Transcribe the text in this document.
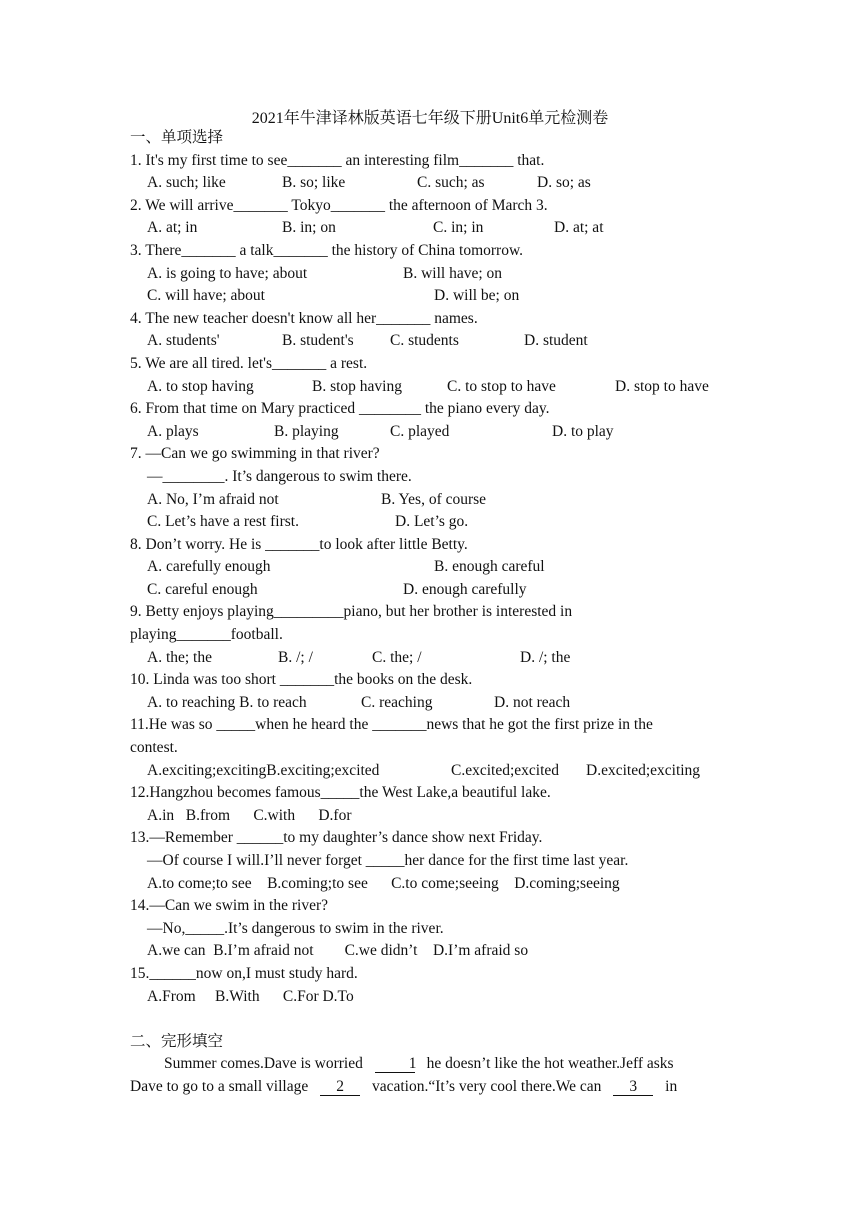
2021年牛津译林版英语七年级下册Unit6单元检测卷
一、单项选择
1. It's my first time to see_______ an interesting film_______ that.
A. such; like	B. so; like	C. such; as	D. so; as
2. We will arrive_______ Tokyo_______ the afternoon of March 3.
A. at; in	B. in; on	C. in; in	D. at; at
3. There_______ a talk_______ the history of China tomorrow.
A. is going to have; about	B. will have; on
C. will have; about	D. will be; on
4. The new teacher doesn't know all her_______ names.
A. students'	B. student's	C. students	D. student
5. We are all tired. let's_______ a rest.
A. to stop having	B. stop having	C. to stop to have	D. stop to have
6. From that time on Mary practiced ________ the piano every day.
A. plays	B. playing	C. played	D. to play
7. —Can we go swimming in that river?
—________. It’s dangerous to swim there.
A. No, I’m afraid not	B. Yes, of course
C. Let’s have a rest first.	D. Let’s go.
8. Don’t worry. He is _______to look after little Betty.
A. carefully enough	B. enough careful
C. careful enough	D. enough carefully
9. Betty enjoys playing_________piano, but her brother is interested in
playing_______football.
A. the; the	B. /; /	C. the; /	D. /; the
10. Linda was too short _______the books on the desk.
A. to reaching B. to reach	C. reaching	D. not reach
11.He was so _____when he heard the _______news that he got the first prize in the
contest.
A.exciting;excitingB.exciting;excited	C.excited;excited	D.excited;exciting
12.Hangzhou becomes famous_____the West Lake,a beautiful lake.
A.in   B.from      C.with      D.for
13.—Remember ______to my daughter’s dance show next Friday.
—Of course I will.I’ll never forget _____her dance for the first time last year.
A.to come;to see    B.coming;to see      C.to come;seeing    D.coming;seeing
14.—Can we swim in the river?
—No,_____.It’s dangerous to swim in the river.
A.we can  B.I’m afraid not        C.we didn’t    D.I’m afraid so
15.______now on,I must study hard.
A.From     B.With      C.For D.To
二、完形填空
Summer comes.Dave is worried	1 he doesn’t like the hot weather.Jeff asks
Dave to go to a small village 2 vacation.“It’s very cool there.We can 3 in
